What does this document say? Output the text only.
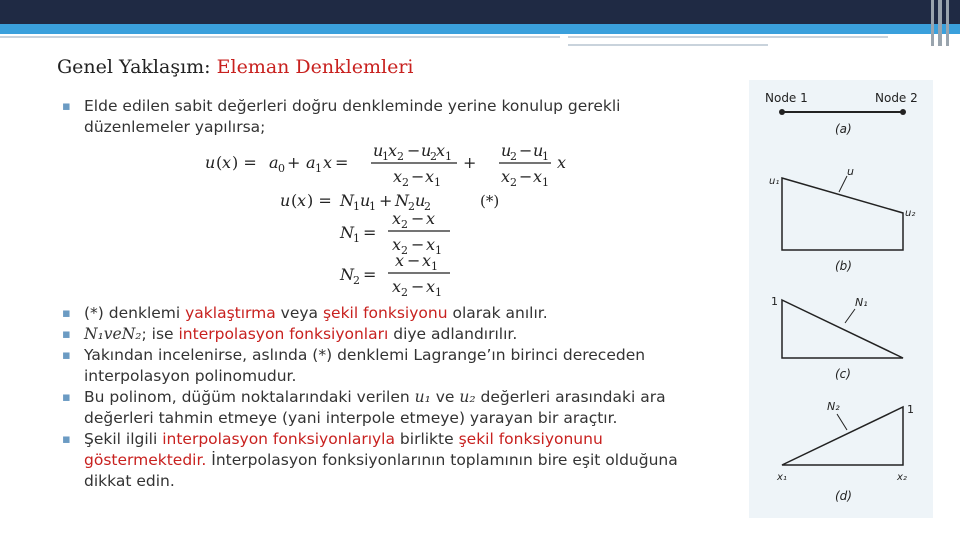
Genel Yaklaşım: Eleman Denklemleri
▪ Elde edilen sabit değerleri doğru denkleminde yerine konulup gerekli
düzenlemeler yapılırsa;
u ( x ) = a 0 + a 1 x =
u
1 x 2 − u
2 x 1
x 2 − x 1
+
u
2 − u
1
x 2 − x 1
x
u ( x ) = N 1 u
1 + N 2 u
2	(*)
N 1 =
x 2 − x
x 2 − x 1
N 2 =
x − x 1
x 2 − x 1
▪ (*) denklemi yaklaştırma veya şekil fonksiyonu olarak anılır.
▪ N₁veN₂; ise interpolasyon fonksiyonları diye adlandırılır.
▪ Yakından incelenirse, aslında (*) denklemi Lagrange’ın birinci dereceden
interpolasyon polinomudur.
▪ Bu polinom, düğüm noktalarındaki verilen u₁ ve u₂ değerleri arasındaki ara
değerleri tahmin etmeye (yani interpole etmeye) yarayan bir araçtır.
▪ Şekil ilgili interpolasyon fonksiyonlarıyla birlikte şekil fonksiyonunu
göstermektedir. İnterpolasyon fonksiyonlarının toplamının bire eşit olduğuna
dikkat edin.
Node 1	Node 2
(a)
u₁
u
u₂
(b)
1	N₁
(c)
N₂	1
x₁	x₂
(d)
